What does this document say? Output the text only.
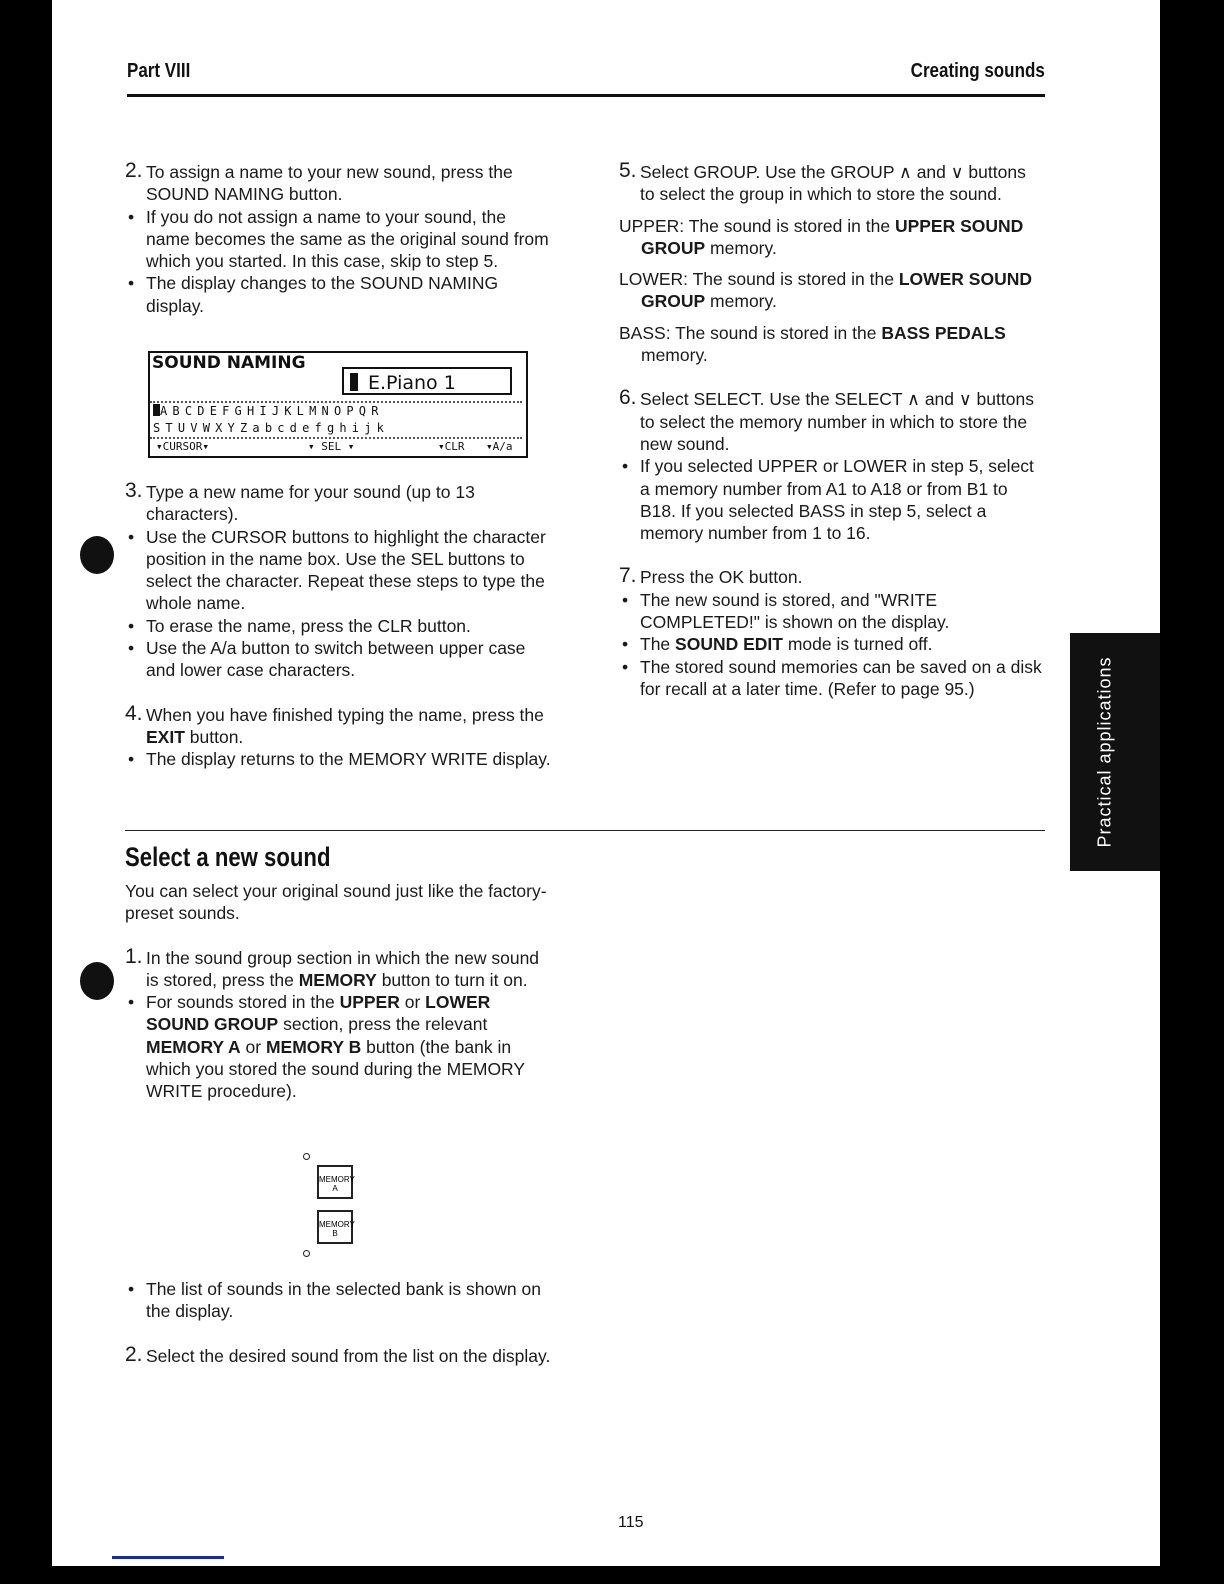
Part VIII	Creating sounds

2. To assign a name to your new sound, press the SOUND NAMING button.

• If you do not assign a name to your sound, the name becomes the same as the original sound from which you started. In this case, skip to step 5.

• The display changes to the SOUND NAMING display.

SOUND NAMING
E.Piano 1
ABCDEFGHIJKLMNOPQR
STUVWXYZabcdefghijk
▾CURSOR▾	▾ SEL ▾	▾CLR ▾A/a

3. Type a new name for your sound (up to 13 characters).

• Use the CURSOR buttons to highlight the character position in the name box. Use the SEL buttons to select the character. Repeat these steps to type the whole name.

• To erase the name, press the CLR button.

• Use the A/a button to switch between upper case and lower case characters.

4. When you have finished typing the name, press the EXIT button.

• The display returns to the MEMORY WRITE display.

5. Select GROUP. Use the GROUP ∧ and ∨ buttons to select the group in which to store the sound.

UPPER: The sound is stored in the UPPER SOUND GROUP memory.

LOWER: The sound is stored in the LOWER SOUND GROUP memory.

BASS: The sound is stored in the BASS PEDALS memory.

6. Select SELECT. Use the SELECT ∧ and ∨ buttons to select the memory number in which to store the new sound.

• If you selected UPPER or LOWER in step 5, select a memory number from A1 to A18 or from B1 to B18. If you selected BASS in step 5, select a memory number from 1 to 16.

7. Press the OK button.

• The new sound is stored, and "WRITE COMPLETED!" is shown on the display.

• The SOUND EDIT mode is turned off.

• The stored sound memories can be saved on a disk for recall at a later time. (Refer to page 95.)

Select a new sound

You can select your original sound just like the factory-preset sounds.

1. In the sound group section in which the new sound is stored, press the MEMORY button to turn it on.

• For sounds stored in the UPPER or LOWER SOUND GROUP section, press the relevant MEMORY A or MEMORY B button (the bank in which you stored the sound during the MEMORY WRITE procedure).

MEMORY
A
MEMORY
B

• The list of sounds in the selected bank is shown on the display.

2. Select the desired sound from the list on the display.

115
Practical applications
